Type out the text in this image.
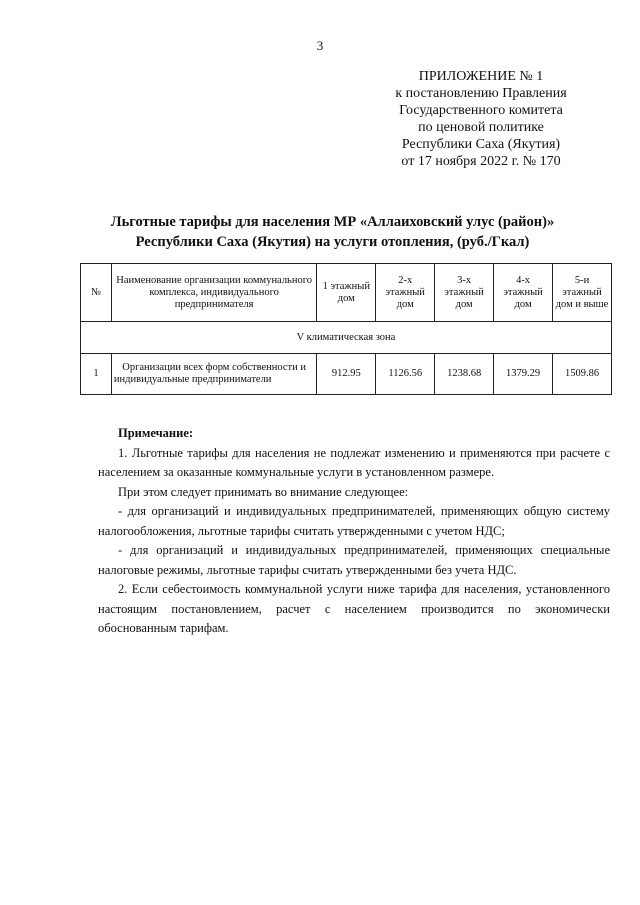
3
ПРИЛОЖЕНИЕ № 1
к постановлению Правления
Государственного комитета
по ценовой политике
Республики Саха (Якутия)
от 17 ноября 2022 г. № 170
Льготные тарифы для населения МР «Аллаиховский улус (район)»
Республики Саха (Якутия) на услуги отопления, (руб./Гкал)
№	Наименование организации коммунального комплекса, индивидуального предпринимателя	1 этажный дом	2-х этажный дом	3-х этажный дом	4-х этажный дом	5-и этажный дом и выше
V климатическая зона						
1	Организации всех форм собственности и индивидуальные предприниматели	912.95	1126.56	1238.68	1379.29	1509.86
Примечание:

1. Льготные тарифы для населения не подлежат изменению и применяются при расчете с населением за оказанные коммунальные услуги в установленном размере.

При этом следует принимать во внимание следующее:

- для организаций и индивидуальных предпринимателей, применяющих общую систему налогообложения, льготные тарифы считать утвержденными с учетом НДС;

- для организаций и индивидуальных предпринимателей, применяющих специальные налоговые режимы, льготные тарифы считать утвержденными без учета НДС.

2. Если себестоимость коммунальной услуги ниже тарифа для населения, установленного настоящим постановлением, расчет с населением производится по экономически обоснованным тарифам.
